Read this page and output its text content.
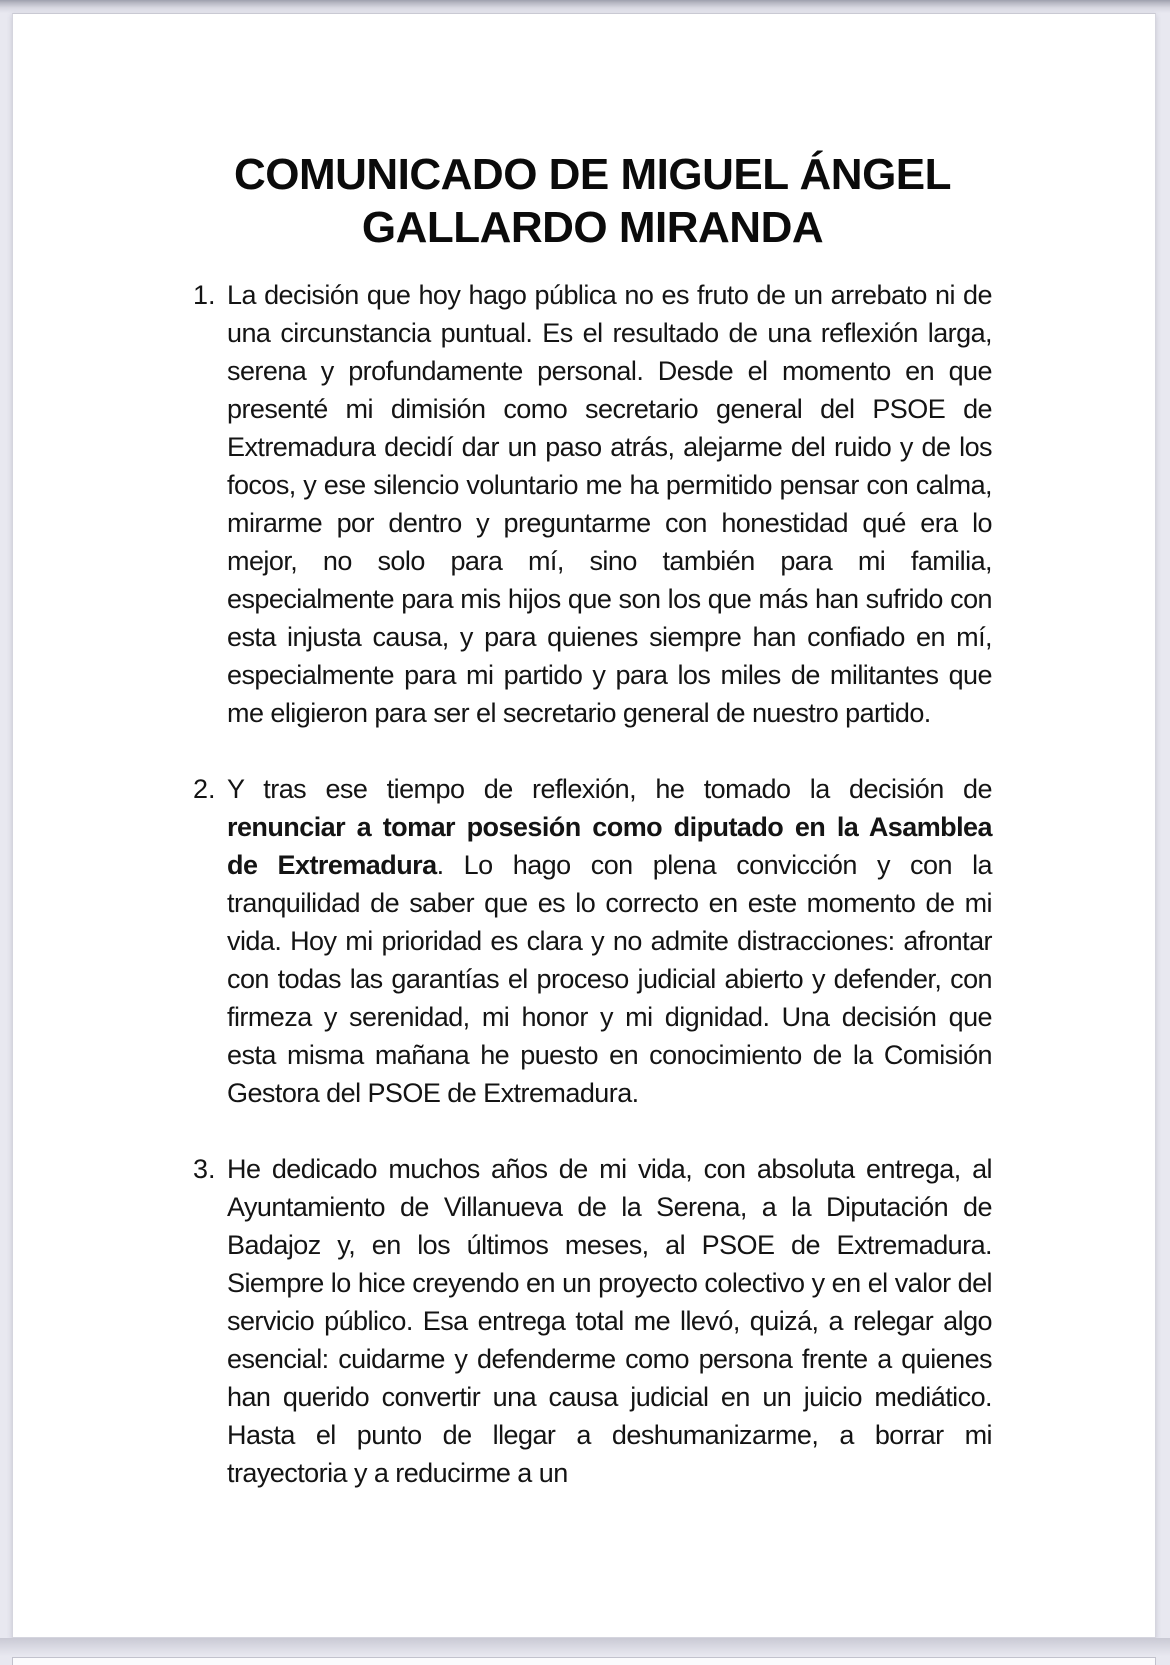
COMUNICADO DE MIGUEL ÁNGEL
GALLARDO MIRANDA
1. La decisión que hoy hago pública no es fruto de un arrebato ni de una circunstancia puntual. Es el resultado de una reflexión larga, serena y profundamente personal. Desde el momento en que presenté mi dimisión como secretario general del PSOE de Extremadura decidí dar un paso atrás, alejarme del ruido y de los focos, y ese silencio voluntario me ha permitido pensar con calma, mirarme por dentro y preguntarme con honestidad qué era lo mejor, no solo para mí, sino también para mi familia, especialmente para mis hijos que son los que más han sufrido con esta injusta causa, y para quienes siempre han confiado en mí, especialmente para mi partido y para los miles de militantes que me eligieron para ser el secretario general de nuestro partido.

2. Y tras ese tiempo de reflexión, he tomado la decisión de renunciar a tomar posesión como diputado en la Asamblea de Extremadura. Lo hago con plena convicción y con la tranquilidad de saber que es lo correcto en este momento de mi vida. Hoy mi prioridad es clara y no admite distracciones: afrontar con todas las garantías el proceso judicial abierto y defender, con firmeza y serenidad, mi honor y mi dignidad. Una decisión que esta misma mañana he puesto en conocimiento de la Comisión Gestora del PSOE de Extremadura.

3. He dedicado muchos años de mi vida, con absoluta entrega, al Ayuntamiento de Villanueva de la Serena, a la Diputación de Badajoz y, en los últimos meses, al PSOE de Extremadura. Siempre lo hice creyendo en un proyecto colectivo y en el valor del servicio público. Esa entrega total me llevó, quizá, a relegar algo esencial: cuidarme y defenderme como persona frente a quienes han querido convertir una causa judicial en un juicio mediático. Hasta el punto de llegar a deshumanizarme, a borrar mi trayectoria y a reducirme a un
